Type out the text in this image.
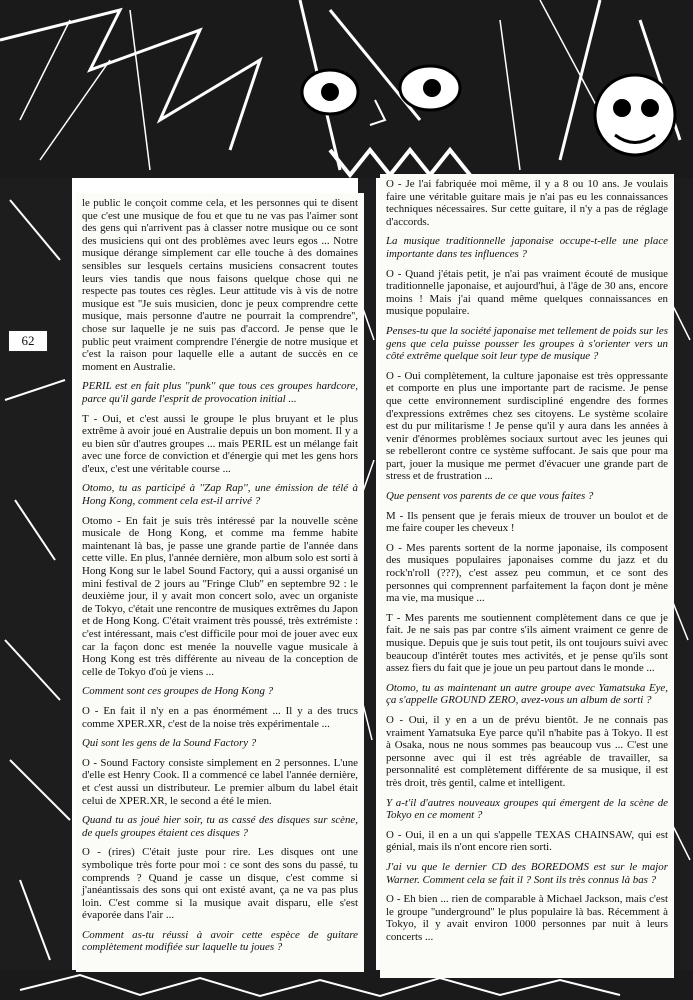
62

le public le conçoit comme cela, et les personnes qui te disent que c'est une musique de fou et que tu ne vas pas l'aimer sont des gens qui n'arrivent pas à classer notre musique ou ce sont des musiciens qui ont des problèmes avec leurs egos ... Notre musique dérange simplement car elle touche à des domaines sensibles sur lesquels certains musiciens consacrent toutes leurs vies tandis que nous faisons quelque chose qui ne respecte pas toutes ces règles. Leur attitude vis à vis de notre musique est ''Je suis musicien, donc je peux comprendre cette musique, mais personne d'autre ne pourrait la comprendre'', chose sur laquelle je ne suis pas d'accord. Je pense que le public peut vraiment comprendre l'énergie de notre musique et c'est la raison pour laquelle elle a autant de succès en ce moment en Australie.

PERIL est en fait plus ''punk'' que tous ces groupes hardcore, parce qu'il garde l'esprit de provocation initial ...

T - Oui, et c'est aussi le groupe le plus bruyant et le plus extrême à avoir joué en Australie depuis un bon moment. Il y a eu bien sûr d'autres groupes ... mais PERIL est un mélange fait avec une force de conviction et d'énergie qui met les gens hors d'eux, c'est une véritable course ...

Otomo, tu as participé à ''Zap Rap'', une émission de télé à Hong Kong, comment cela est-il arrivé ?

Otomo - En fait je suis très intéressé par la nouvelle scène musicale de Hong Kong, et comme ma femme habite maintenant là bas, je passe une grande partie de l'année dans cette ville. En plus, l'année dernière, mon album solo est sorti à Hong Kong sur le label Sound Factory, qui a aussi organisé un mini festival de 2 jours au ''Fringe Club'' en septembre 92 : le deuxième jour, il y avait mon concert solo, avec un organiste de Tokyo, c'était une rencontre de musiques extrêmes du Japon et de Hong Kong. C'était vraiment très poussé, très extrémiste : c'est intéressant, mais c'est difficile pour moi de jouer avec eux car la façon donc est menée la nouvelle vague musicale à Hong Kong est très différente au niveau de la conception de celle de Tokyo d'où je viens ...

Comment sont ces groupes de Hong Kong ?

O - En fait il n'y en a pas énormément ... Il y a des trucs comme XPER.XR, c'est de la noise très expérimentale ...

Qui sont les gens de la Sound Factory ?

O - Sound Factory consiste simplement en 2 personnes. L'une d'elle est Henry Cook. Il a commencé ce label l'année dernière, et c'est aussi un distributeur. Le premier album du label était celui de XPER.XR, le second a été le mien.

Quand tu as joué hier soir, tu as cassé des disques sur scène, de quels groupes étaient ces disques ?

O - (rires) C'était juste pour rire. Les disques ont une symbolique très forte pour moi : ce sont des sons du passé, tu comprends ? Quand je casse un disque, c'est comme si j'anéantissais des sons qui ont existé avant, ça ne va pas plus loin. C'est comme si la musique avait disparu, elle s'est évaporée dans l'air ...

Comment as-tu réussi à avoir cette espèce de guitare complètement modifiée sur laquelle tu joues ?

O - Je l'ai fabriquée moi même, il y a 8 ou 10 ans. Je voulais faire une véritable guitare mais je n'ai pas eu les connaissances techniques nécessaires. Sur cette guitare, il n'y a pas de réglage d'accords.

La musique traditionnelle japonaise occupe-t-elle une place importante dans tes influences ?

O - Quand j'étais petit, je n'ai pas vraiment écouté de musique traditionnelle japonaise, et aujourd'hui, à l'âge de 30 ans, encore moins ! Mais j'ai quand même quelques connaissances en musique populaire.

Penses-tu que la société japonaise met tellement de poids sur les gens que cela puisse pousser les groupes à s'orienter vers un côté extrême quelque soit leur type de musique ?

O - Oui complètement, la culture japonaise est très oppressante et comporte en plus une importante part de racisme. Je pense que cette environnement surdiscipliné engendre des formes d'expressions extrêmes chez ses citoyens. Le système scolaire est du pur militarisme ! Je pense qu'il y aura dans les années à venir d'énormes problèmes sociaux surtout avec les jeunes qui se rebelleront contre ce système suffocant. Je sais que pour ma part, jouer la musique me permet d'évacuer une grande part de stress et de frustration ...

Que pensent vos parents de ce que vous faites ?

M - Ils pensent que je ferais mieux de trouver un boulot et de me faire couper les cheveux !

O - Mes parents sortent de la norme japonaise, ils composent des musiques populaires japonaises comme du jazz et du rock'n'roll (???), c'est assez peu commun, et ce sont des personnes qui comprennent parfaitement la façon dont je mène ma vie, ma musique ...

T - Mes parents me soutiennent complètement dans ce que je fait. Je ne sais pas par contre s'ils aiment vraiment ce genre de musique. Depuis que je suis tout petit, ils ont toujours suivi avec beaucoup d'intérêt toutes mes activités, et je pense qu'ils sont assez fiers du fait que je joue un peu partout dans le monde ...

Otomo, tu as maintenant un autre groupe avec Yamatsuka Eye, ça s'appelle GROUND ZERO, avez-vous un album de sorti ?

O - Oui, il y en a un de prévu bientôt. Je ne connais pas vraiment Yamatsuka Eye parce qu'il n'habite pas à Tokyo. Il est à Osaka, nous ne nous sommes pas beaucoup vus ... C'est une personne avec qui il est très agréable de travailler, sa personnalité est complètement différente de sa musique, il est très droit, très gentil, calme et intelligent.

Y a-t'il d'autres nouveaux groupes qui émergent de la scène de Tokyo en ce moment ?

O - Oui, il en a un qui s'appelle TEXAS CHAINSAW, qui est génial, mais ils n'ont encore rien sorti.

J'ai vu que le dernier CD des BOREDOMS est sur le major Warner. Comment cela se fait il ? Sont ils très connus là bas ?

O - Eh bien ... rien de comparable à Michael Jackson, mais c'est le groupe ''underground'' le plus populaire là bas. Récemment à Tokyo, il y avait environ 1000 personnes par nuit à leurs concerts ...
